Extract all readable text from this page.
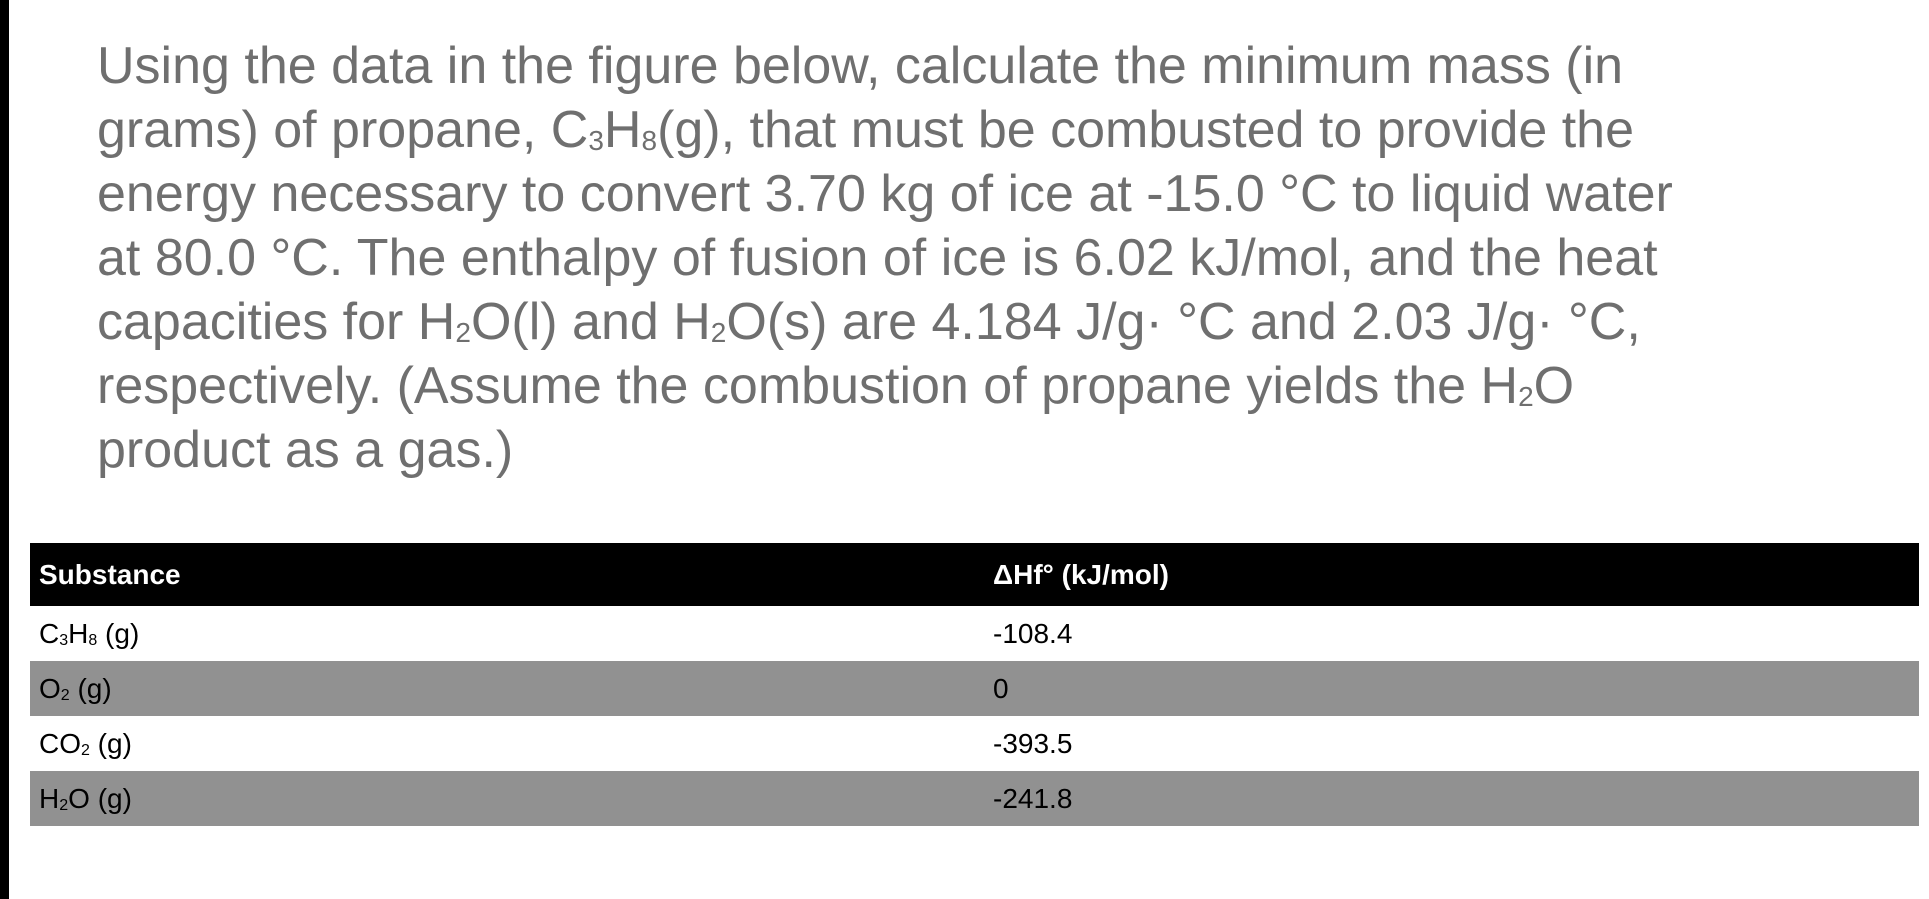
Using the data in the figure below, calculate the minimum mass (in
grams) of propane, C3H8(g), that must be combusted to provide the
energy necessary to convert 3.70 kg of ice at -15.0 °C to liquid water
at 80.0 °C. The enthalpy of fusion of ice is 6.02 kJ/mol, and the heat
capacities for H2O(l) and H2O(s) are 4.184 J/g· °C and 2.03 J/g· °C,
respectively. (Assume the combustion of propane yields the H2O
product as a gas.)

Substance	ΔHf° (kJ/mol)
C3H8 (g)	-108.4
O2 (g)	0
CO2 (g)	-393.5
H2O (g)	-241.8
